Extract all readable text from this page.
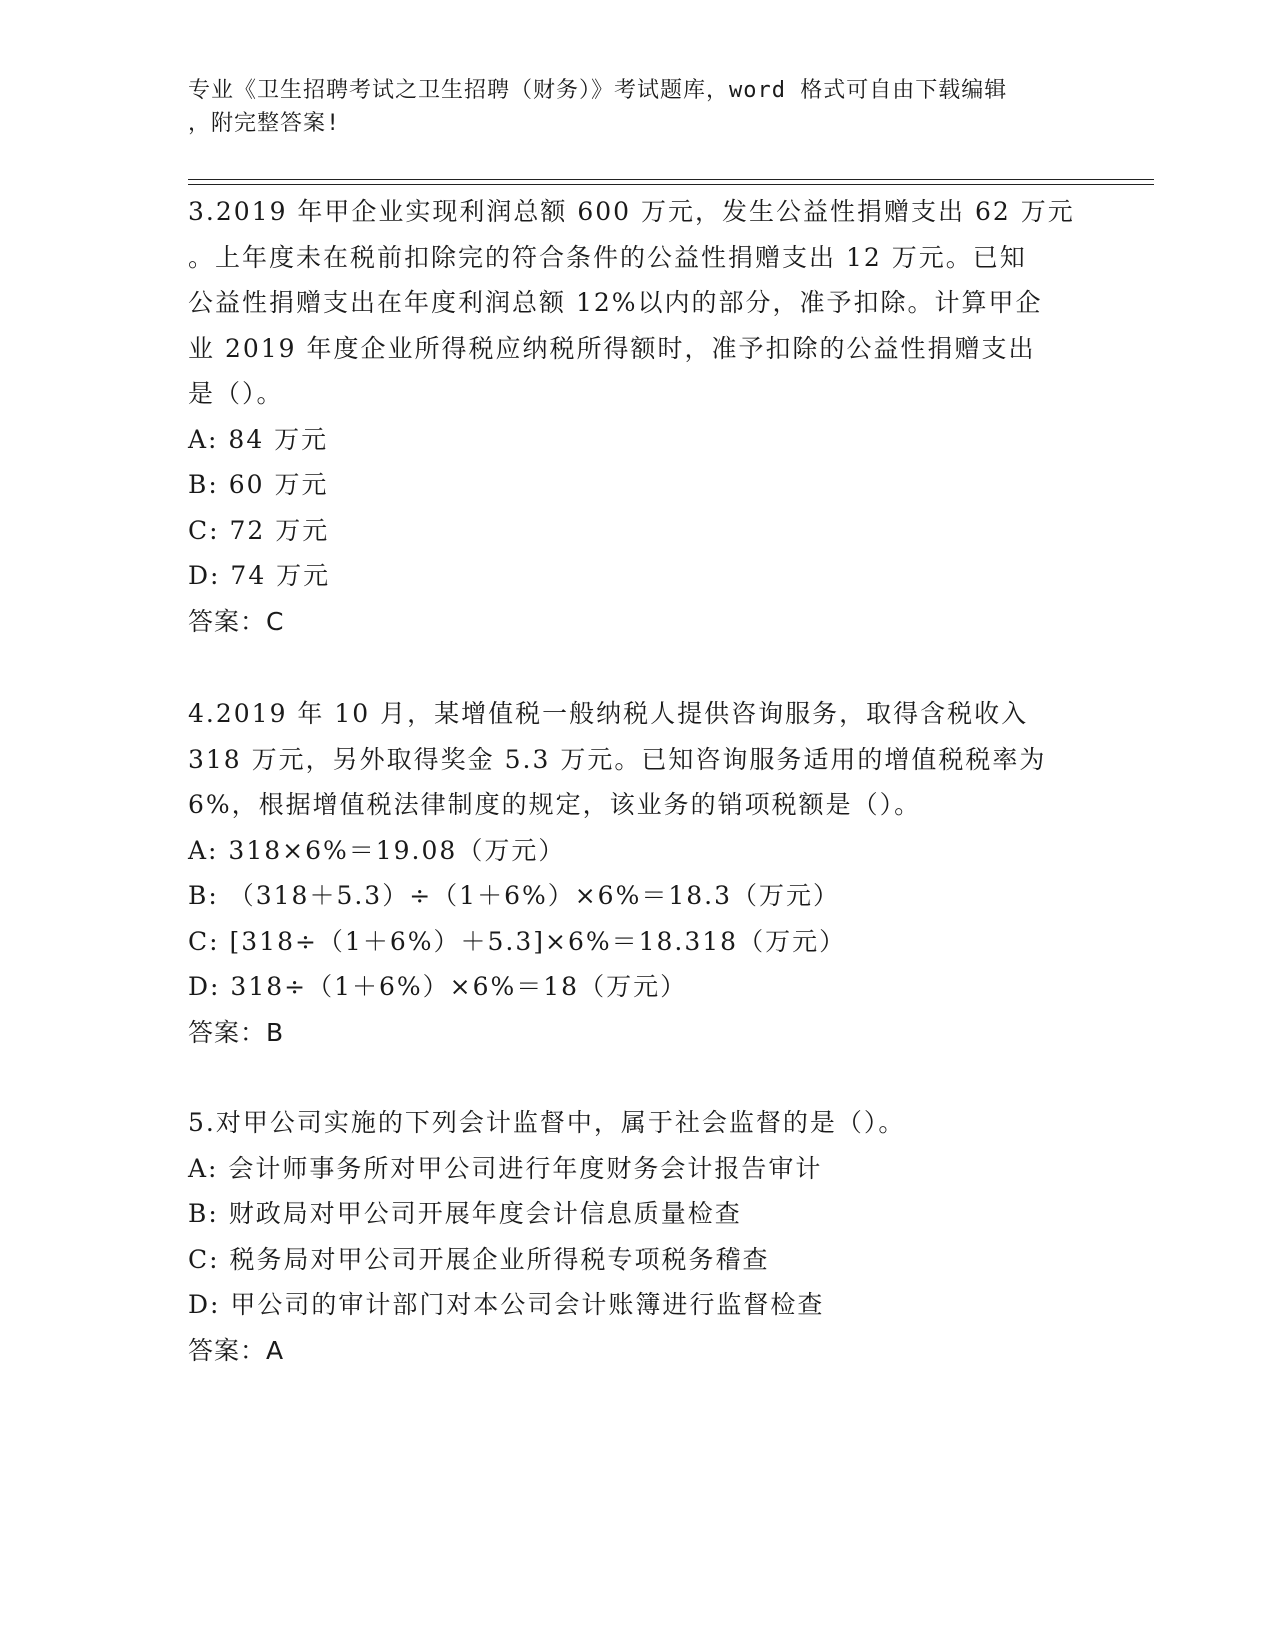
专业《卫生招聘考试之卫生招聘（财务）》考试题库，word 格式可自由下载编辑
，附完整答案!

3.2019 年甲企业实现利润总额 600 万元，发生公益性捐赠支出 62 万元

。上年度未在税前扣除完的符合条件的公益性捐赠支出 12 万元。已知

公益性捐赠支出在年度利润总额 12%以内的部分，准予扣除。计算甲企

业 2019 年度企业所得税应纳税所得额时，准予扣除的公益性捐赠支出

是（）。

A: 84 万元

B: 60 万元

C: 72 万元

D: 74 万元

答案：C

4.2019 年 10 月，某增值税一般纳税人提供咨询服务，取得含税收入

318 万元，另外取得奖金 5.3 万元。已知咨询服务适用的增值税税率为

6%，根据增值税法律制度的规定，该业务的销项税额是（）。

A: 318×6%＝19.08（万元）

B: （318＋5.3）÷（1＋6%）×6%＝18.3（万元）

C: [318÷（1＋6%）＋5.3]×6%＝18.318（万元）

D: 318÷（1＋6%）×6%＝18（万元）

答案：B

5.对甲公司实施的下列会计监督中，属于社会监督的是（）。

A: 会计师事务所对甲公司进行年度财务会计报告审计

B: 财政局对甲公司开展年度会计信息质量检查

C: 税务局对甲公司开展企业所得税专项税务稽查

D: 甲公司的审计部门对本公司会计账簿进行监督检查

答案：A
